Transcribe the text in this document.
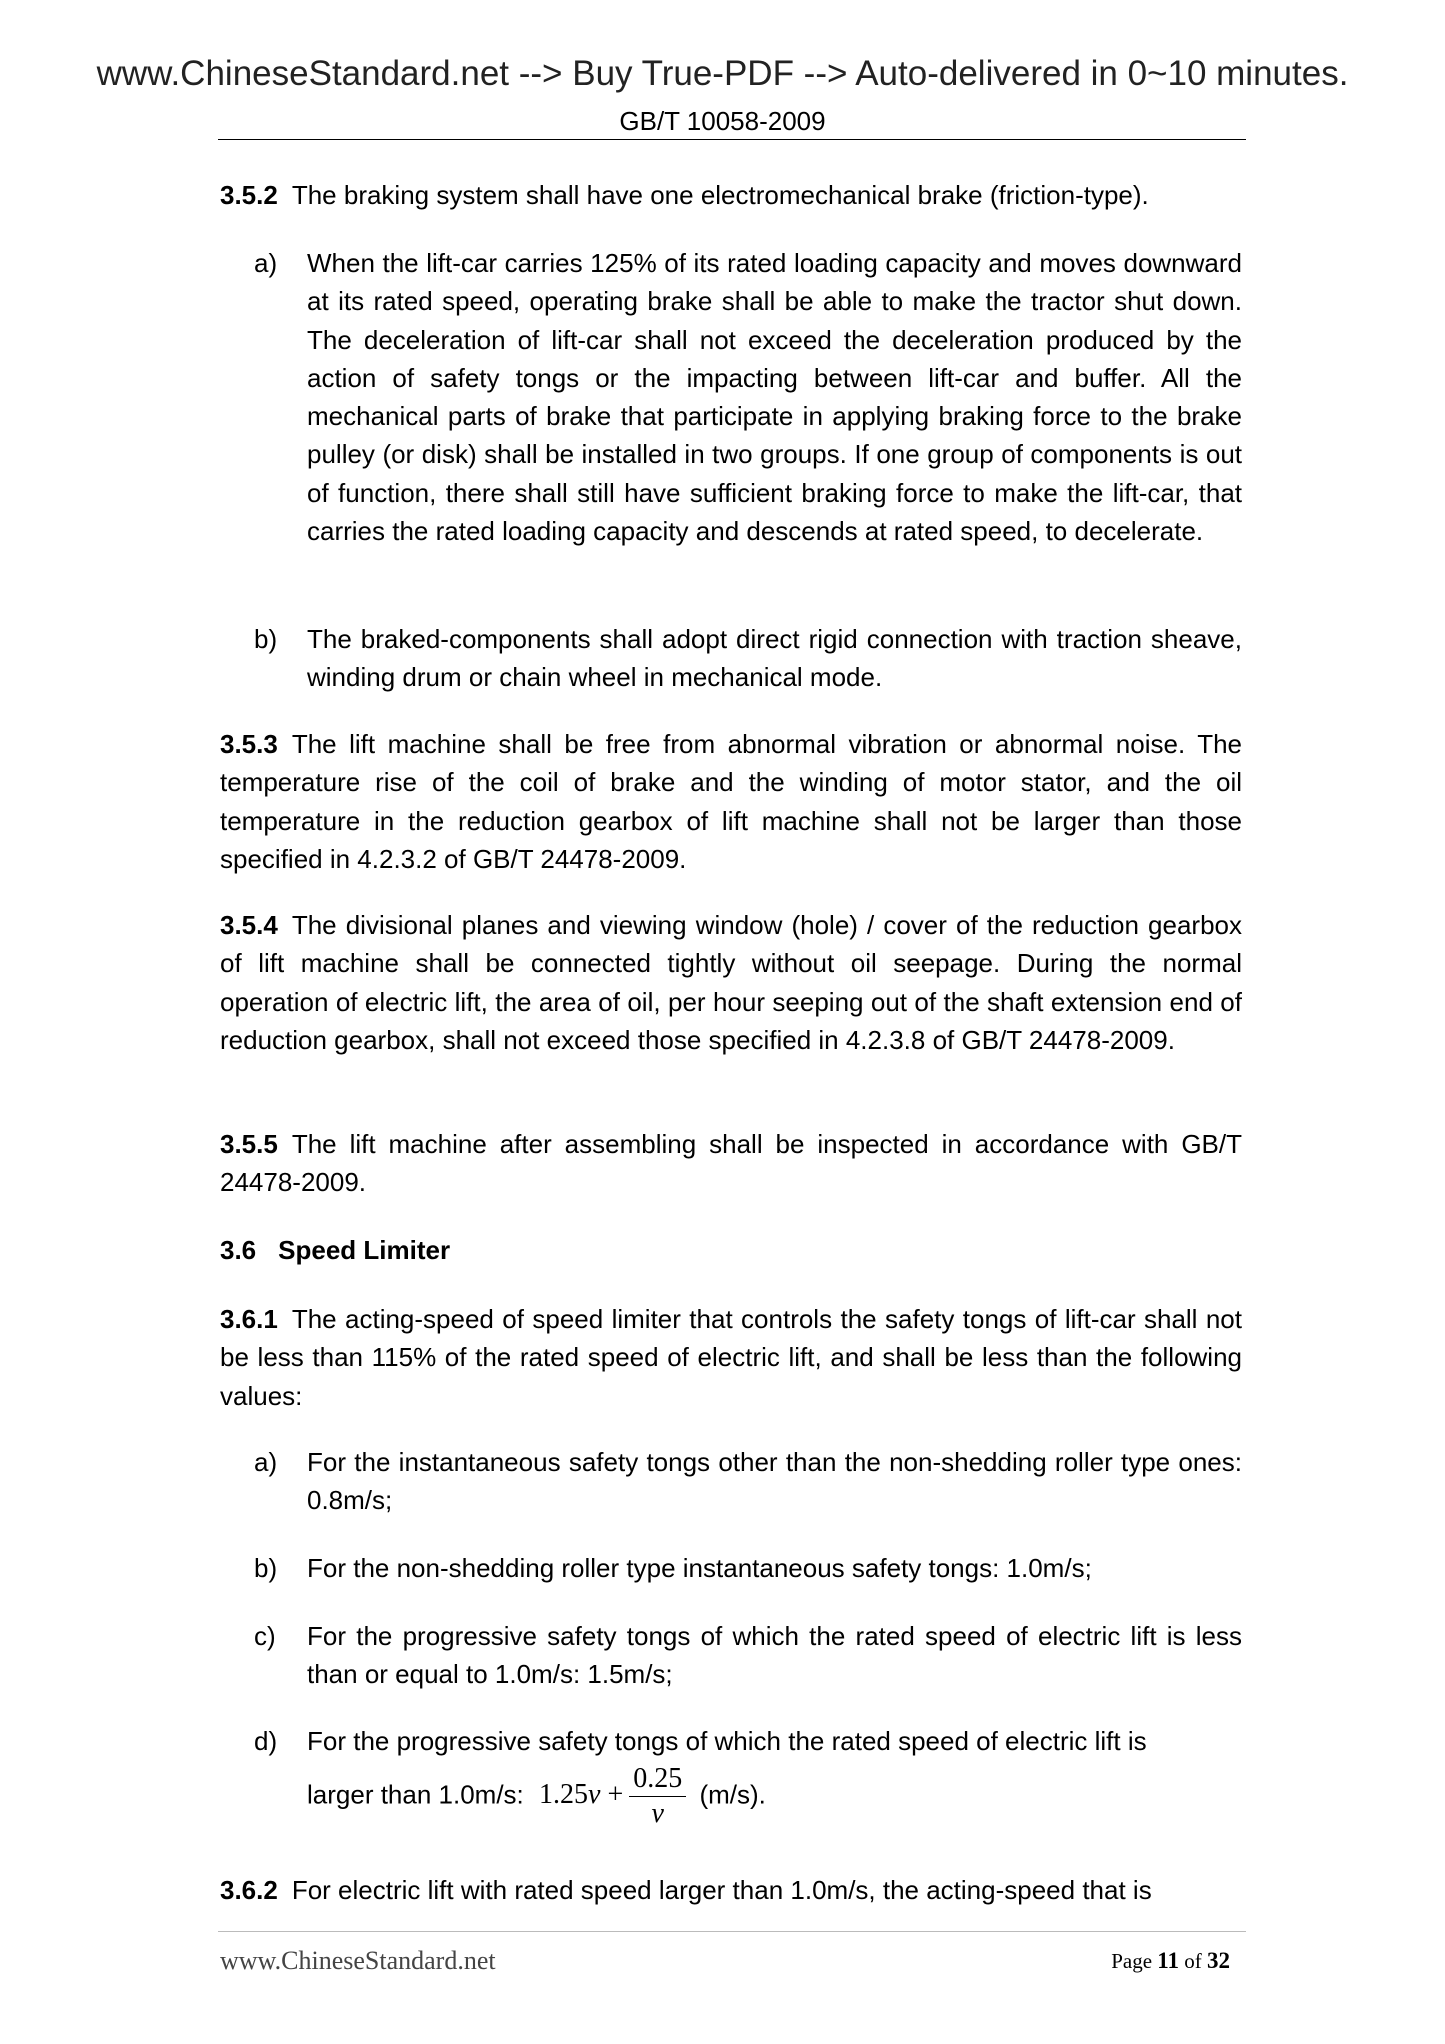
www.ChineseStandard.net --> Buy True-PDF --> Auto-delivered in 0~10 minutes.
GB/T 10058-2009
3.5.2 The braking system shall have one electromechanical brake (friction-type).
a) When the lift-car carries 125% of its rated loading capacity and moves downward at its rated speed, operating brake shall be able to make the tractor shut down. The deceleration of lift-car shall not exceed the deceleration produced by the action of safety tongs or the impacting between lift-car and buffer. All the mechanical parts of brake that participate in applying braking force to the brake pulley (or disk) shall be installed in two groups. If one group of components is out of function, there shall still have sufficient braking force to make the lift-car, that carries the rated loading capacity and descends at rated speed, to decelerate.
b) The braked-components shall adopt direct rigid connection with traction sheave, winding drum or chain wheel in mechanical mode.
3.5.3 The lift machine shall be free from abnormal vibration or abnormal noise. The temperature rise of the coil of brake and the winding of motor stator, and the oil temperature in the reduction gearbox of lift machine shall not be larger than those specified in 4.2.3.2 of GB/T 24478-2009.
3.5.4 The divisional planes and viewing window (hole) / cover of the reduction gearbox of lift machine shall be connected tightly without oil seepage. During the normal operation of electric lift, the area of oil, per hour seeping out of the shaft extension end of reduction gearbox, shall not exceed those specified in 4.2.3.8 of GB/T 24478-2009.
3.5.5 The lift machine after assembling shall be inspected in accordance with GB/T 24478-2009.
3.6 Speed Limiter
3.6.1 The acting-speed of speed limiter that controls the safety tongs of lift-car shall not be less than 115% of the rated speed of electric lift, and shall be less than the following values:
a) For the instantaneous safety tongs other than the non-shedding roller type ones: 0.8m/s;
b) For the non-shedding roller type instantaneous safety tongs: 1.0m/s;
c) For the progressive safety tongs of which the rated speed of electric lift is less than or equal to 1.0m/s: 1.5m/s;
d) For the progressive safety tongs of which the rated speed of electric lift is
larger than 1.0m/s: $1.25v + \frac{0.25}{v} (m/s)$.
3.6.2 For electric lift with rated speed larger than 1.0m/s, the acting-speed that is
www.ChineseStandard.net	Page 11 of 32
